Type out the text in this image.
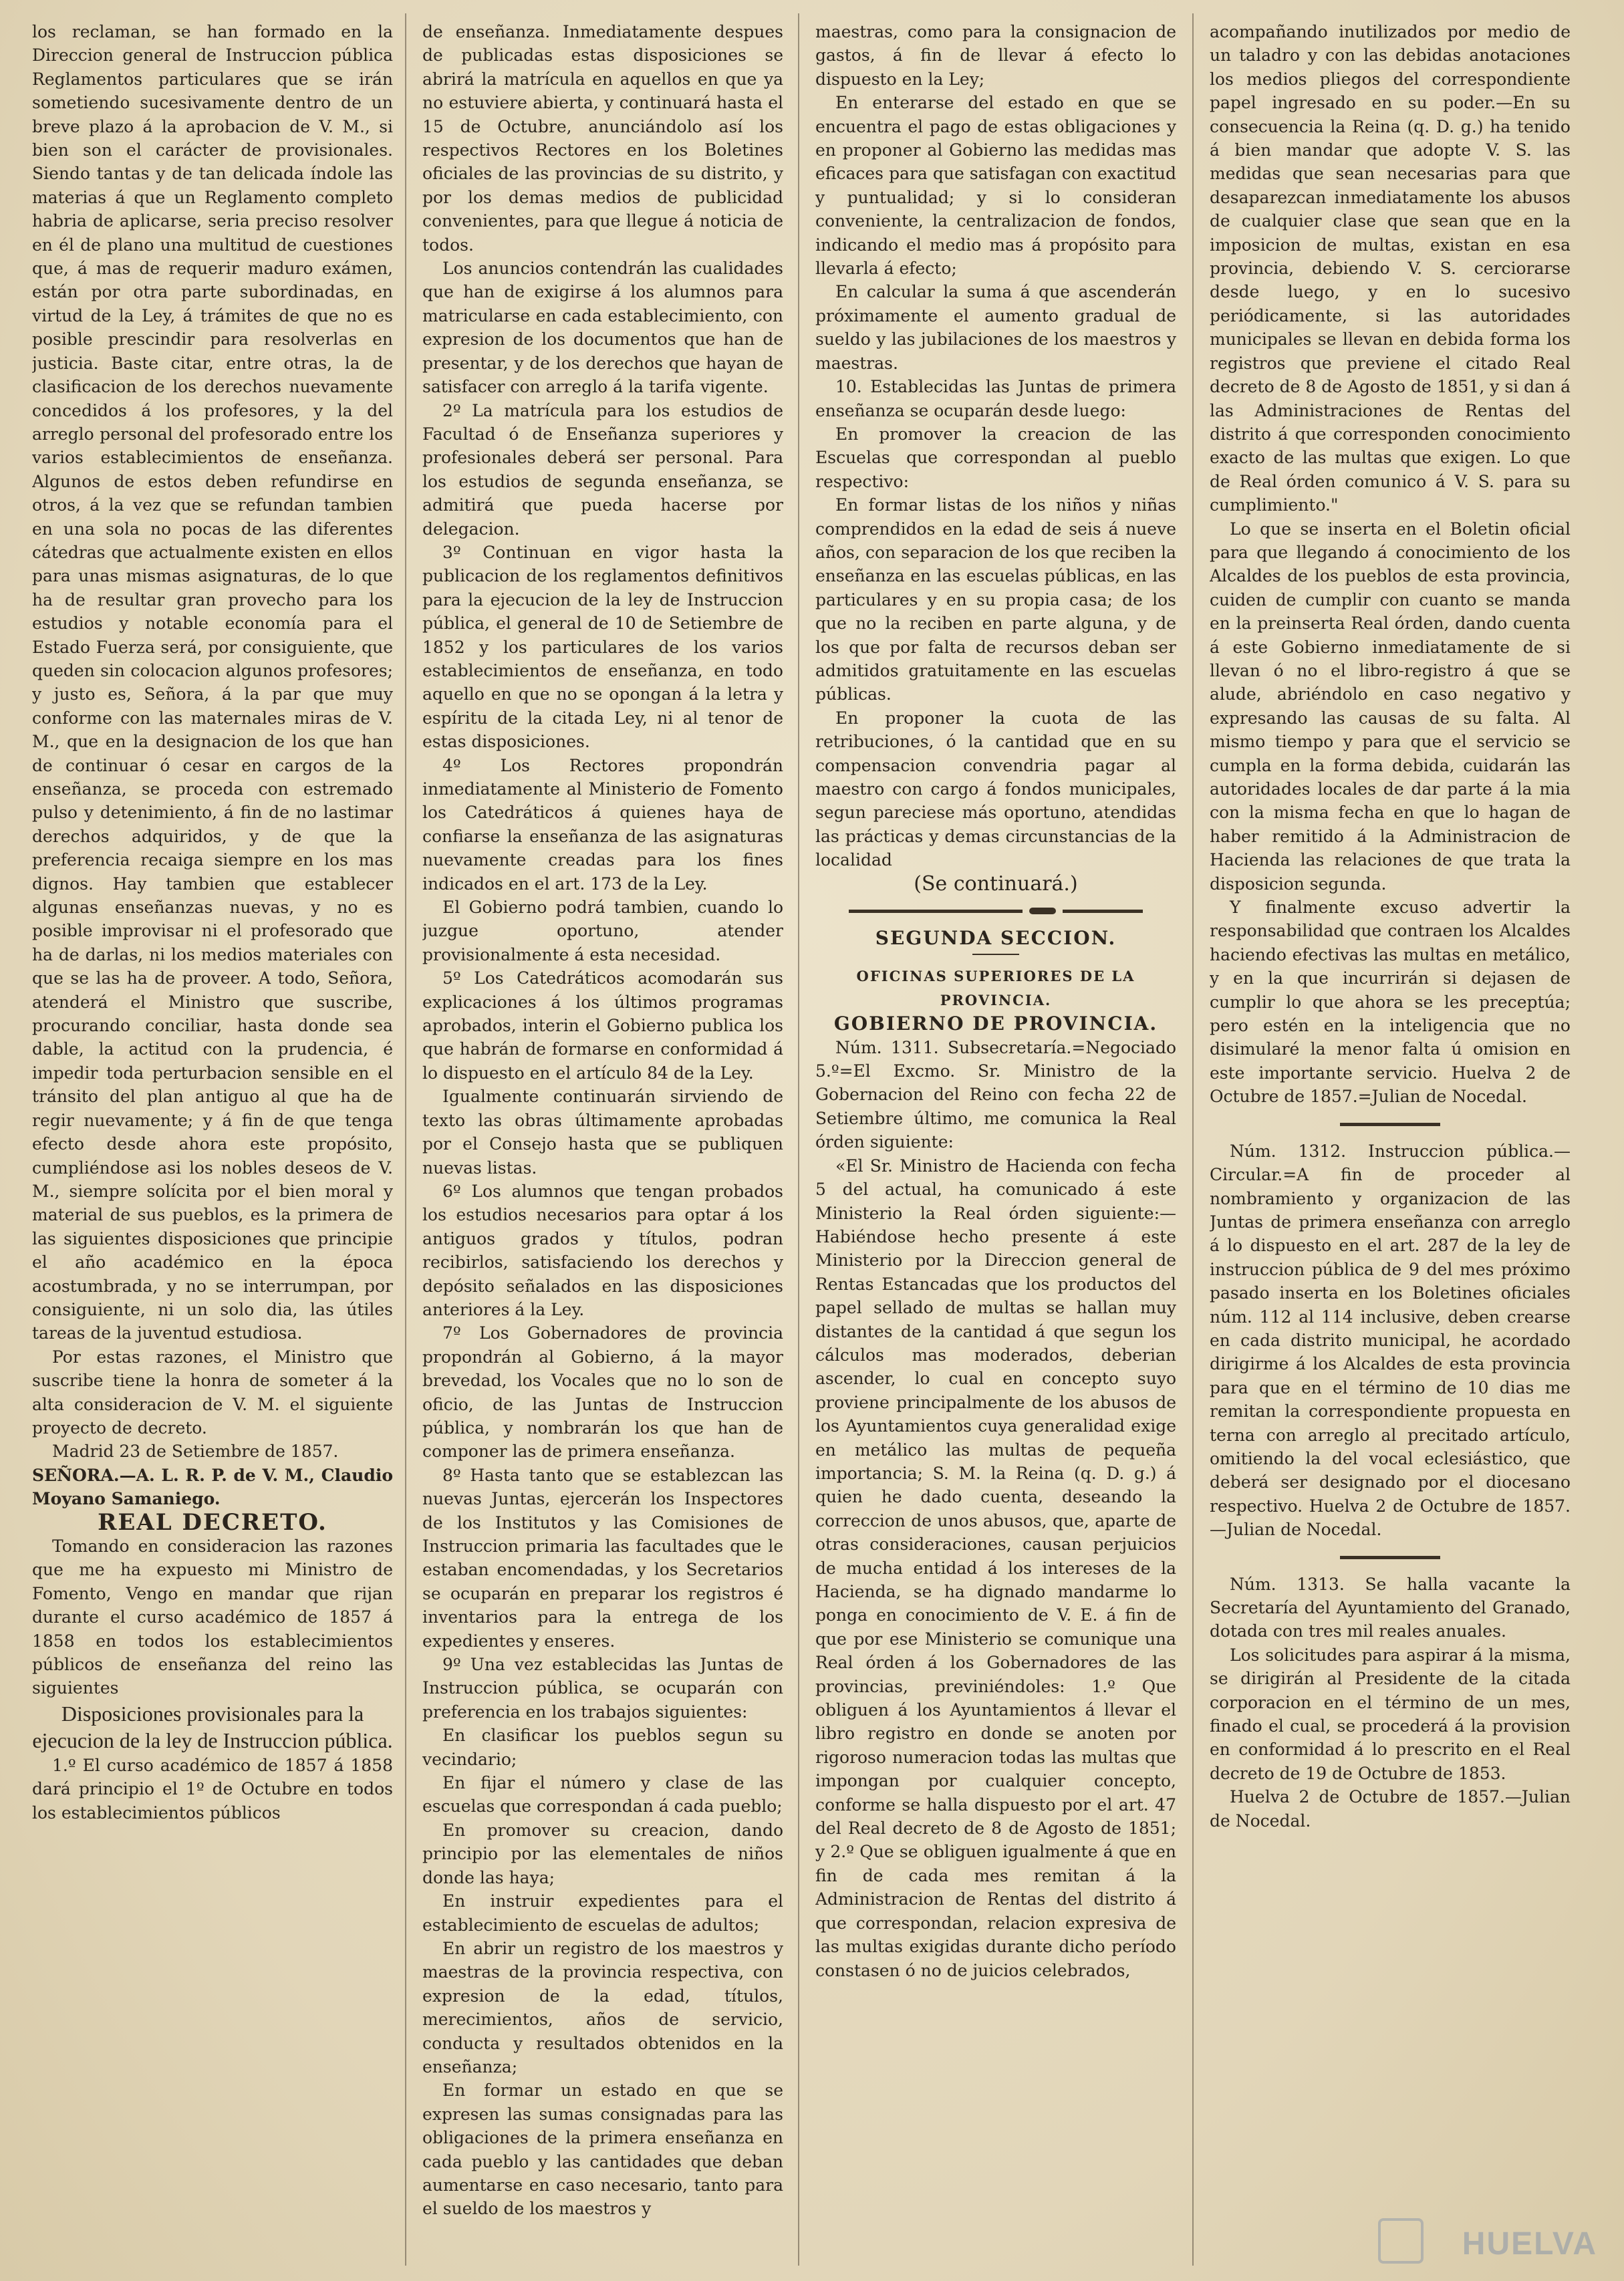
los reclaman, se han formado en la Direccion general de Instruccion pública Reglamentos particulares que se irán sometiendo sucesivamente dentro de un breve plazo á la aprobacion de V. M., si bien son el carácter de provisionales. Siendo tantas y de tan delicada índole las materias á que un Reglamento completo habria de aplicarse, seria preciso resolver en él de plano una multitud de cuestiones que, á mas de requerir maduro exámen, están por otra parte subordinadas, en virtud de la Ley, á trámites de que no es posible prescindir para resolverlas en justicia. Baste citar, entre otras, la de clasificacion de los derechos nuevamente concedidos á los profesores, y la del arreglo personal del profesorado entre los varios establecimientos de enseñanza. Algunos de estos deben refundirse en otros, á la vez que se refundan tambien en una sola no pocas de las diferentes cátedras que actualmente existen en ellos para unas mismas asignaturas, de lo que ha de resultar gran provecho para los estudios y notable economía para el Estado Fuerza será, por consiguiente, que queden sin colocacion algunos profesores; y justo es, Señora, á la par que muy conforme con las maternales miras de V. M., que en la designacion de los que han de continuar ó cesar en cargos de la enseñanza, se proceda con estremado pulso y detenimiento, á fin de no lastimar derechos adquiridos, y de que la preferencia recaiga siempre en los mas dignos. Hay tambien que establecer algunas enseñanzas nuevas, y no es posible improvisar ni el profesorado que ha de darlas, ni los medios materiales con que se las ha de proveer. A todo, Señora, atenderá el Ministro que suscribe, procurando conciliar, hasta donde sea dable, la actitud con la prudencia, é impedir toda perturbacion sensible en el tránsito del plan antiguo al que ha de regir nuevamente; y á fin de que tenga efecto desde ahora este propósito, cumpliéndose asi los nobles deseos de V. M., siempre solícita por el bien moral y material de sus pueblos, es la primera de las siguientes disposiciones que principie el año académico en la época acostumbrada, y no se interrumpan, por consiguiente, ni un solo dia, las útiles tareas de la juventud estudiosa.

Por estas razones, el Ministro que suscribe tiene la honra de someter á la alta consideracion de V. M. el siguiente proyecto de decreto.

Madrid 23 de Setiembre de 1857.

SEÑORA.—A. L. R. P. de V. M., Claudio Moyano Samaniego.

REAL DECRETO.

Tomando en consideracion las razones que me ha expuesto mi Ministro de Fomento, Vengo en mandar que rijan durante el curso académico de 1857 á 1858 en todos los establecimientos públicos de enseñanza del reino las siguientes

Disposiciones provisionales para la ejecucion de la ley de Instruccion pública.

1.º El curso académico de 1857 á 1858 dará principio el 1º de Octubre en todos los establecimientos públicos

de enseñanza. Inmediatamente despues de publicadas estas disposiciones se abrirá la matrícula en aquellos en que ya no estuviere abierta, y continuará hasta el 15 de Octubre, anunciándolo así los respectivos Rectores en los Boletines oficiales de las provincias de su distrito, y por los demas medios de publicidad convenientes, para que llegue á noticia de todos.

Los anuncios contendrán las cualidades que han de exigirse á los alumnos para matricularse en cada establecimiento, con expresion de los documentos que han de presentar, y de los derechos que hayan de satisfacer con arreglo á la tarifa vigente.

2º La matrícula para los estudios de Facultad ó de Enseñanza superiores y profesionales deberá ser personal. Para los estudios de segunda enseñanza, se admitirá que pueda hacerse por delegacion.

3º Continuan en vigor hasta la publicacion de los reglamentos definitivos para la ejecucion de la ley de Instruccion pública, el general de 10 de Setiembre de 1852 y los particulares de los varios establecimientos de enseñanza, en todo aquello en que no se opongan á la letra y espíritu de la citada Ley, ni al tenor de estas disposiciones.

4º Los Rectores propondrán inmediatamente al Ministerio de Fomento los Catedráticos á quienes haya de confiarse la enseñanza de las asignaturas nuevamente creadas para los fines indicados en el art. 173 de la Ley.

El Gobierno podrá tambien, cuando lo juzgue oportuno, atender provisionalmente á esta necesidad.

5º Los Catedráticos acomodarán sus explicaciones á los últimos programas aprobados, interin el Gobierno publica los que habrán de formarse en conformidad á lo dispuesto en el artículo 84 de la Ley.

Igualmente continuarán sirviendo de texto las obras últimamente aprobadas por el Consejo hasta que se publiquen nuevas listas.

6º Los alumnos que tengan probados los estudios necesarios para optar á los antiguos grados y títulos, podran recibirlos, satisfaciendo los derechos y depósito señalados en las disposiciones anteriores á la Ley.

7º Los Gobernadores de provincia propondrán al Gobierno, á la mayor brevedad, los Vocales que no lo son de oficio, de las Juntas de Instruccion pública, y nombrarán los que han de componer las de primera enseñanza.

8º Hasta tanto que se establezcan las nuevas Juntas, ejercerán los Inspectores de los Institutos y las Comisiones de Instruccion primaria las facultades que le estaban encomendadas, y los Secretarios se ocuparán en preparar los registros é inventarios para la entrega de los expedientes y enseres.

9º Una vez establecidas las Juntas de Instruccion pública, se ocuparán con preferencia en los trabajos siguientes:

En clasificar los pueblos segun su vecindario;

En fijar el número y clase de las escuelas que correspondan á cada pueblo;

En promover su creacion, dando principio por las elementales de niños donde las haya;

En instruir expedientes para el establecimiento de escuelas de adultos;

En abrir un registro de los maestros y maestras de la provincia respectiva, con expresion de la edad, títulos, merecimientos, años de servicio, conducta y resultados obtenidos en la enseñanza;

En formar un estado en que se expresen las sumas consignadas para las obligaciones de la primera enseñanza en cada pueblo y las cantidades que deban aumentarse en caso necesario, tanto para el sueldo de los maestros y

maestras, como para la consignacion de gastos, á fin de llevar á efecto lo dispuesto en la Ley;

En enterarse del estado en que se encuentra el pago de estas obligaciones y en proponer al Gobierno las medidas mas eficaces para que satisfagan con exactitud y puntualidad; y si lo consideran conveniente, la centralizacion de fondos, indicando el medio mas á propósito para llevarla á efecto;

En calcular la suma á que ascenderán próximamente el aumento gradual de sueldo y las jubilaciones de los maestros y maestras.

10. Establecidas las Juntas de primera enseñanza se ocuparán desde luego:

En promover la creacion de las Escuelas que correspondan al pueblo respectivo:

En formar listas de los niños y niñas comprendidos en la edad de seis á nueve años, con separacion de los que reciben la enseñanza en las escuelas públicas, en las particulares y en su propia casa; de los que no la reciben en parte alguna, y de los que por falta de recursos deban ser admitidos gratuitamente en las escuelas públicas.

En proponer la cuota de las retribuciones, ó la cantidad que en su compensacion convendria pagar al maestro con cargo á fondos municipales, segun pareciese más oportuno, atendidas las prácticas y demas circunstancias de la localidad

(Se continuará.)

SEGUNDA SECCION.

OFICINAS SUPERIORES DE LA PROVINCIA.

GOBIERNO DE PROVINCIA.

Núm. 1311. Subsecretaría.=Negociado 5.º=El Excmo. Sr. Ministro de la Gobernacion del Reino con fecha 22 de Setiembre último, me comunica la Real órden siguiente:

«El Sr. Ministro de Hacienda con fecha 5 del actual, ha comunicado á este Ministerio la Real órden siguiente:—Habiéndose hecho presente á este Ministerio por la Direccion general de Rentas Estancadas que los productos del papel sellado de multas se hallan muy distantes de la cantidad á que segun los cálculos mas moderados, deberian ascender, lo cual en concepto suyo proviene principalmente de los abusos de los Ayuntamientos cuya generalidad exige en metálico las multas de pequeña importancia; S. M. la Reina (q. D. g.) á quien he dado cuenta, deseando la correccion de unos abusos, que, aparte de otras consideraciones, causan perjuicios de mucha entidad á los intereses de la Hacienda, se ha dignado mandarme lo ponga en conocimiento de V. E. á fin de que por ese Ministerio se comunique una Real órden á los Gobernadores de las provincias, previniéndoles: 1.º Que obliguen á los Ayuntamientos á llevar el libro registro en donde se anoten por rigoroso numeracion todas las multas que impongan por cualquier concepto, conforme se halla dispuesto por el art. 47 del Real decreto de 8 de Agosto de 1851; y 2.º Que se obliguen igualmente á que en fin de cada mes remitan á la Administracion de Rentas del distrito á que correspondan, relacion expresiva de las multas exigidas durante dicho período constasen ó no de juicios celebrados,

acompañando inutilizados por medio de un taladro y con las debidas anotaciones los medios pliegos del correspondiente papel ingresado en su poder.—En su consecuencia la Reina (q. D. g.) ha tenido á bien mandar que adopte V. S. las medidas que sean necesarias para que desaparezcan inmediatamente los abusos de cualquier clase que sean que en la imposicion de multas, existan en esa provincia, debiendo V. S. cerciorarse desde luego, y en lo sucesivo periódicamente, si las autoridades municipales se llevan en debida forma los registros que previene el citado Real decreto de 8 de Agosto de 1851, y si dan á las Administraciones de Rentas del distrito á que corresponden conocimiento exacto de las multas que exigen. Lo que de Real órden comunico á V. S. para su cumplimiento."

Lo que se inserta en el Boletin oficial para que llegando á conocimiento de los Alcaldes de los pueblos de esta provincia, cuiden de cumplir con cuanto se manda en la preinserta Real órden, dando cuenta á este Gobierno inmediatamente de si llevan ó no el libro-registro á que se alude, abriéndolo en caso negativo y expresando las causas de su falta. Al mismo tiempo y para que el servicio se cumpla en la forma debida, cuidarán las autoridades locales de dar parte á la mia con la misma fecha en que lo hagan de haber remitido á la Administracion de Hacienda las relaciones de que trata la disposicion segunda.

Y finalmente excuso advertir la responsabilidad que contraen los Alcaldes haciendo efectivas las multas en metálico, y en la que incurrirán si dejasen de cumplir lo que ahora se les preceptúa; pero estén en la inteligencia que no disimularé la menor falta ú omision en este importante servicio. Huelva 2 de Octubre de 1857.=Julian de Nocedal.

Núm. 1312. Instruccion pública.—Circular.=A fin de proceder al nombramiento y organizacion de las Juntas de primera enseñanza con arreglo á lo dispuesto en el art. 287 de la ley de instruccion pública de 9 del mes próximo pasado inserta en los Boletines oficiales núm. 112 al 114 inclusive, deben crearse en cada distrito municipal, he acordado dirigirme á los Alcaldes de esta provincia para que en el término de 10 dias me remitan la correspondiente propuesta en terna con arreglo al precitado artículo, omitiendo la del vocal eclesiástico, que deberá ser designado por el diocesano respectivo. Huelva 2 de Octubre de 1857.—Julian de Nocedal.

Núm. 1313. Se halla vacante la Secretaría del Ayuntamiento del Granado, dotada con tres mil reales anuales.

Los solicitudes para aspirar á la misma, se dirigirán al Presidente de la citada corporacion en el término de un mes, finado el cual, se procederá á la provision en conformidad á lo prescrito en el Real decreto de 19 de Octubre de 1853.

Huelva 2 de Octubre de 1857.—Julian de Nocedal.

HUELVA
